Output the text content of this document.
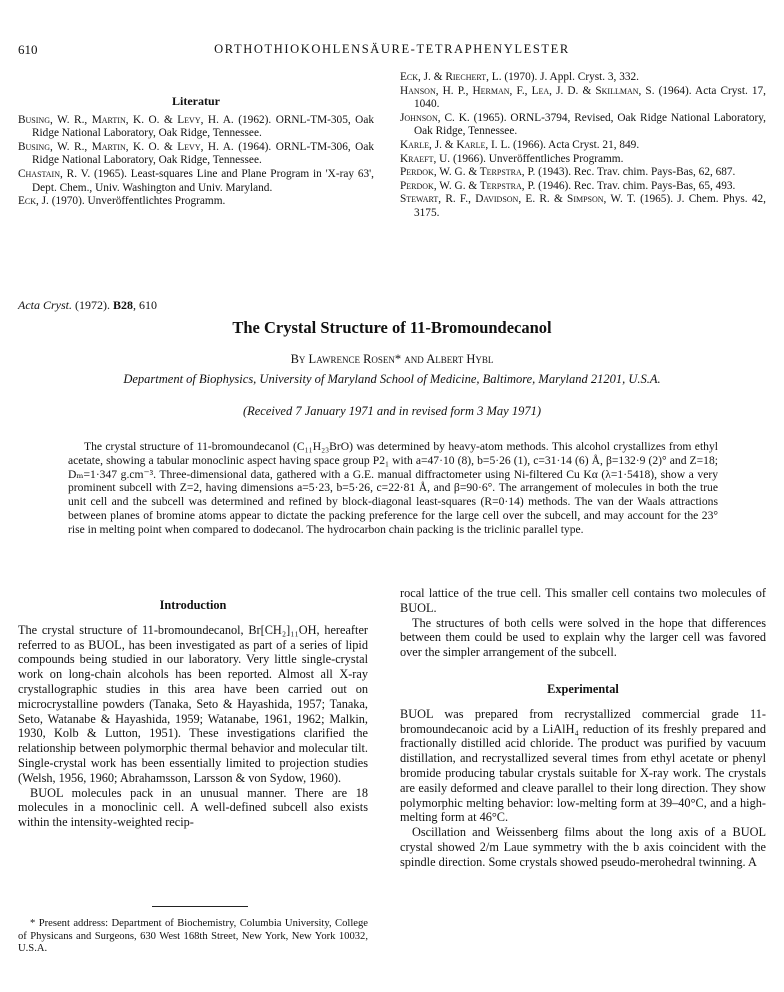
610	ORTHOTHIOKOHLENSÄURE-TETRAPHENYLESTER
Literatur
Busing, W. R., Martin, K. O. & Levy, H. A. (1962). ORNL-TM-305, Oak Ridge National Laboratory, Oak Ridge, Tennessee.
Busing, W. R., Martin, K. O. & Levy, H. A. (1964). ORNL-TM-306, Oak Ridge National Laboratory, Oak Ridge, Tennessee.
Chastain, R. V. (1965). Least-squares Line and Plane Program in 'X-ray 63', Dept. Chem., Univ. Washington and Univ. Maryland.
Eck, J. (1970). Unveröffentlichtes Programm.
Eck, J. & Riechert, L. (1970). J. Appl. Cryst. 3, 332.
Hanson, H. P., Herman, F., Lea, J. D. & Skillman, S. (1964). Acta Cryst. 17, 1040.
Johnson, C. K. (1965). ORNL-3794, Revised, Oak Ridge National Laboratory, Oak Ridge, Tennessee.
Karle, J. & Karle, I. L. (1966). Acta Cryst. 21, 849.
Kraeft, U. (1966). Unveröffentliches Programm.
Perdok, W. G. & Terpstra, P. (1943). Rec. Trav. chim. Pays-Bas, 62, 687.
Perdok, W. G. & Terpstra, P. (1946). Rec. Trav. chim. Pays-Bas, 65, 493.
Stewart, R. F., Davidson, E. R. & Simpson, W. T. (1965). J. Chem. Phys. 42, 3175.
Acta Cryst. (1972). B28, 610
The Crystal Structure of 11-Bromoundecanol
By Lawrence Rosen* and Albert Hybl
Department of Biophysics, University of Maryland School of Medicine, Baltimore, Maryland 21201, U.S.A.
(Received 7 January 1971 and in revised form 3 May 1971)
The crystal structure of 11-bromoundecanol (C₁₁H₂₃BrO) was determined by heavy-atom methods. This alcohol crystallizes from ethyl acetate, showing a tabular monoclinic aspect having space group P2₁ with a=47·10 (8), b=5·26 (1), c=31·14 (6) Å, β=132·9 (2)° and Z=18; Dₘ=1·347 g.cm⁻³. Three-dimensional data, gathered with a G.E. manual diffractometer using Ni-filtered Cu Kα (λ=1·5418), show a very prominent subcell with Z=2, having dimensions a=5·23, b=5·26, c=22·81 Å, and β=90·6°. The arrangement of molecules in both the true unit cell and the subcell was determined and refined by block-diagonal least-squares (R=0·14) methods. The van der Waals attractions between planes of bromine atoms appear to dictate the packing preference for the large cell over the subcell, and may account for the 23° rise in melting point when compared to dodecanol. The hydrocarbon chain packing is the triclinic parallel type.
Introduction

The crystal structure of 11-bromoundecanol, Br[CH₂]₁₁OH, hereafter referred to as BUOL, has been investigated as part of a series of lipid compounds being studied in our laboratory. Very little single-crystal work on long-chain alcohols has been reported. Almost all X-ray crystallographic studies in this area have been carried out on microcrystalline powders (Tanaka, Seto & Hayashida, 1957; Tanaka, Seto, Watanabe & Hayashida, 1959; Watanabe, 1961, 1962; Malkin, 1930, Kolb & Lutton, 1951). These investigations clarified the relationship between polymorphic thermal behavior and molecular tilt. Single-crystal work has been essentially limited to projection studies (Welsh, 1956, 1960; Abrahamsson, Larsson & von Sydow, 1960).

BUOL molecules pack in an unusual manner. There are 18 molecules in a monoclinic cell. A well-defined subcell also exists within the intensity-weighted recip-

rocal lattice of the true cell. This smaller cell contains two molecules of BUOL.

The structures of both cells were solved in the hope that differences between them could be used to explain why the larger cell was favored over the simpler arrangement of the subcell.

Experimental

BUOL was prepared from recrystallized commercial grade 11-bromoundecanoic acid by a LiAlH₄ reduction of its freshly prepared and fractionally distilled acid chloride. The product was purified by vacuum distillation, and recrystallized several times from ethyl acetate or phenyl bromide producing tabular crystals suitable for X-ray work. The crystals are easily deformed and cleave parallel to their long direction. They show polymorphic melting behavior: low-melting form at 39–40°C, and a high-melting form at 46°C.

Oscillation and Weissenberg films about the long axis of a BUOL crystal showed 2/m Laue symmetry with the b axis coincident with the spindle direction. Some crystals showed pseudo-merohedral twinning. A

* Present address: Department of Biochemistry, Columbia University, College of Physicans and Surgeons, 630 West 168th Street, New York, New York 10032, U.S.A.
